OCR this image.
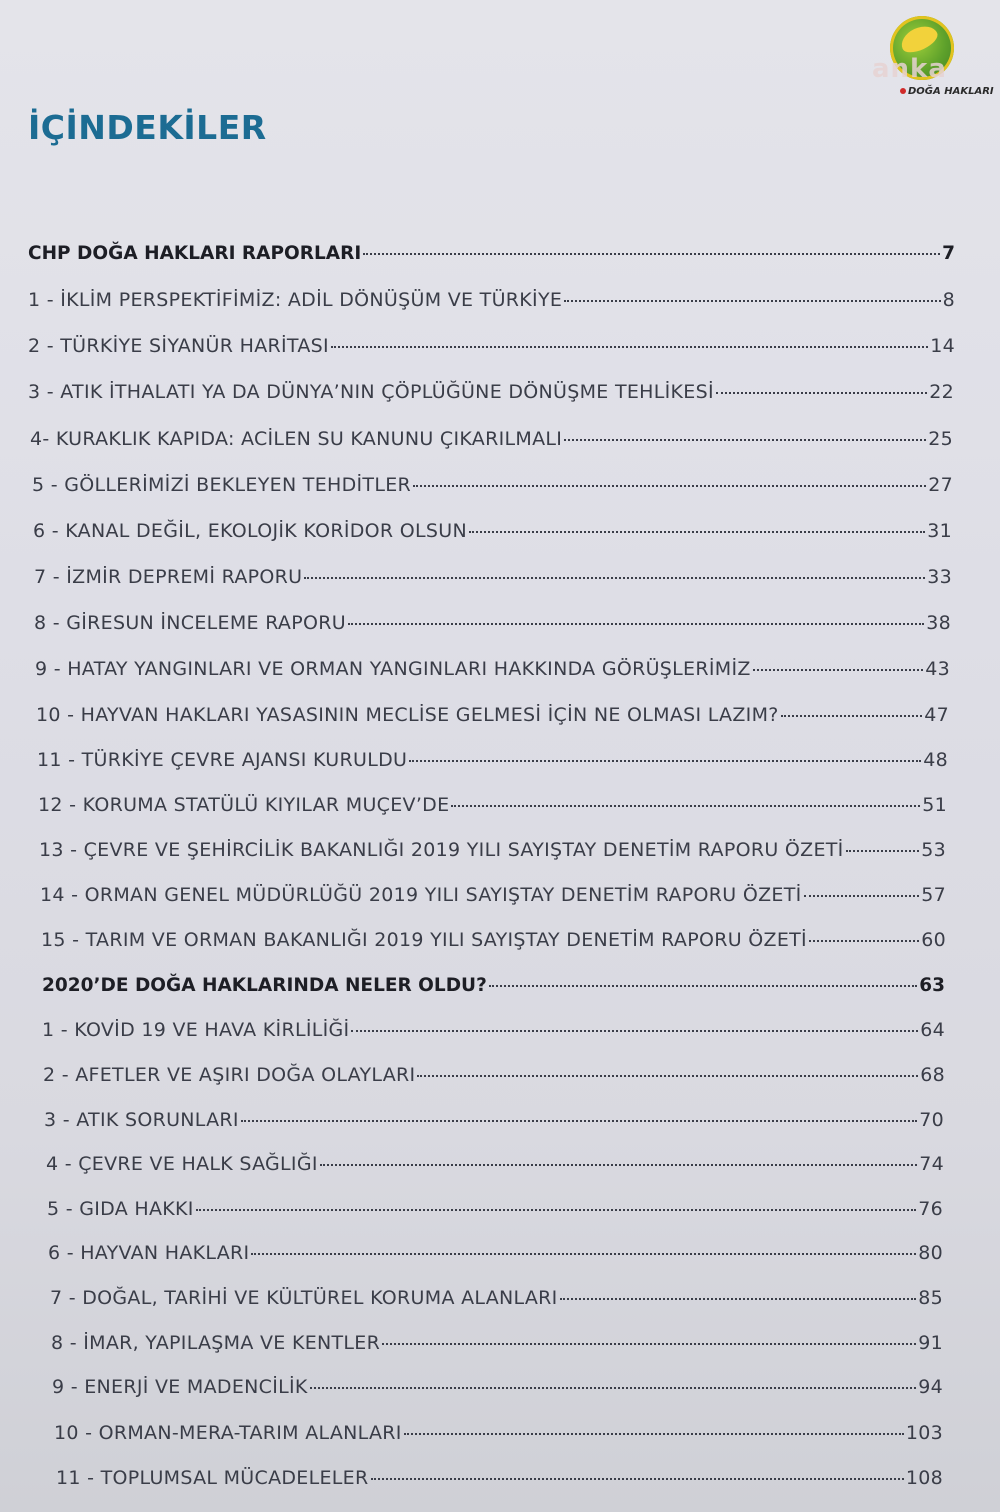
anka
DOĞA HAKLARI
İÇİNDEKİLER
CHP DOĞA HAKLARI RAPORLARI	7
1 - İKLİM PERSPEKTİFİMİZ: ADİL DÖNÜŞÜM VE TÜRKİYE	8
2 - TÜRKİYE SİYANÜR HARİTASI	14
3 - ATIK İTHALATI YA DA DÜNYA’NIN ÇÖPLÜĞÜNE DÖNÜŞME TEHLİKESİ	22
4- KURAKLIK KAPIDA: ACİLEN SU KANUNU ÇIKARILMALI	25
5 - GÖLLERİMİZİ BEKLEYEN TEHDİTLER	27
6 - KANAL DEĞİL, EKOLOJİK KORİDOR OLSUN	31
7 - İZMİR DEPREMİ RAPORU	33
8 - GİRESUN İNCELEME RAPORU	38
9 - HATAY YANGINLARI VE ORMAN YANGINLARI HAKKINDA GÖRÜŞLERİMİZ	43
10 - HAYVAN HAKLARI YASASININ MECLİSE GELMESİ İÇİN NE OLMASI LAZIM?	47
11 - TÜRKİYE ÇEVRE AJANSI KURULDU	48
12 - KORUMA STATÜLÜ KIYILAR MUÇEV’DE	51
13 - ÇEVRE VE ŞEHİRCİLİK BAKANLIĞI 2019 YILI SAYIŞTAY DENETİM RAPORU ÖZETİ	53
14 - ORMAN GENEL MÜDÜRLÜĞÜ 2019 YILI SAYIŞTAY DENETİM RAPORU ÖZETİ	57
15 - TARIM VE ORMAN BAKANLIĞI 2019 YILI SAYIŞTAY DENETİM RAPORU ÖZETİ	60
2020’DE DOĞA HAKLARINDA NELER OLDU?	63
1 - KOVİD 19 VE HAVA KİRLİLİĞİ	64
2 - AFETLER VE AŞIRI DOĞA OLAYLARI	68
3 - ATIK SORUNLARI	70
4 - ÇEVRE VE HALK SAĞLIĞI	74
5 - GIDA HAKKI	76
6 - HAYVAN HAKLARI	80
7 - DOĞAL, TARİHİ VE KÜLTÜREL KORUMA ALANLARI	85
8 - İMAR, YAPILAŞMA VE KENTLER	91
9 - ENERJİ VE MADENCİLİK	94
10 - ORMAN-MERA-TARIM ALANLARI	103
11 - TOPLUMSAL MÜCADELELER	108
